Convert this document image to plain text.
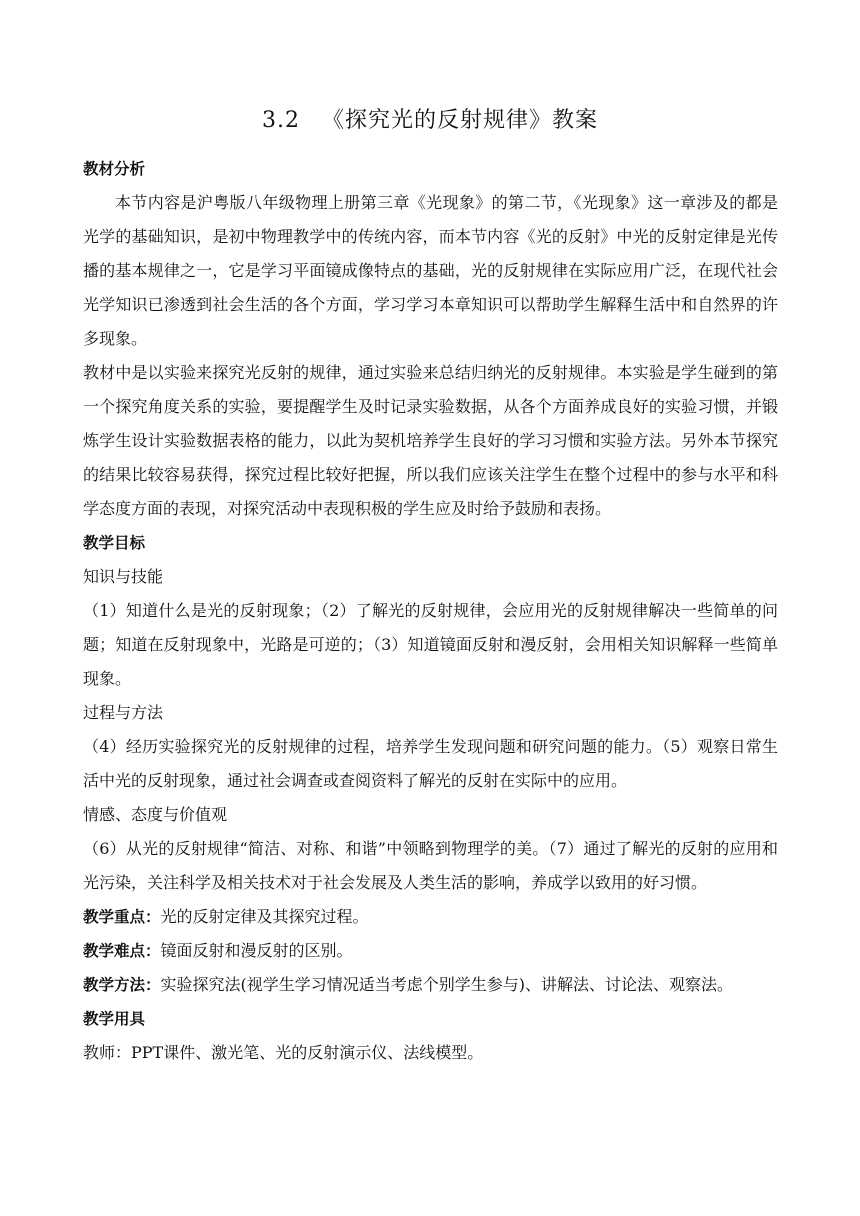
3.2 《探究光的反射规律》教案

教材分析

本节内容是沪粤版八年级物理上册第三章《光现象》的第二节，《光现象》这一章涉及的都是光学的基础知识，是初中物理教学中的传统内容，而本节内容《光的反射》中光的反射定律是光传播的基本规律之一，它是学习平面镜成像特点的基础，光的反射规律在实际应用广泛，在现代社会光学知识已渗透到社会生活的各个方面，学习学习本章知识可以帮助学生解释生活中和自然界的许多现象。

教材中是以实验来探究光反射的规律，通过实验来总结归纳光的反射规律。本实验是学生碰到的第一个探究角度关系的实验，要提醒学生及时记录实验数据，从各个方面养成良好的实验习惯，并锻炼学生设计实验数据表格的能力，以此为契机培养学生良好的学习习惯和实验方法。另外本节探究的结果比较容易获得，探究过程比较好把握，所以我们应该关注学生在整个过程中的参与水平和科学态度方面的表现，对探究活动中表现积极的学生应及时给予鼓励和表扬。

教学目标

知识与技能

（1）知道什么是光的反射现象；（2）了解光的反射规律，会应用光的反射规律解决一些简单的问题；知道在反射现象中，光路是可逆的；（3）知道镜面反射和漫反射，会用相关知识解释一些简单现象。

过程与方法

（4）经历实验探究光的反射规律的过程，培养学生发现问题和研究问题的能力。（5）观察日常生活中光的反射现象，通过社会调查或查阅资料了解光的反射在实际中的应用。

情感、态度与价值观

（6）从光的反射规律“简洁、对称、和谐”中领略到物理学的美。（7）通过了解光的反射的应用和光污染，关注科学及相关技术对于社会发展及人类生活的影响，养成学以致用的好习惯。

教学重点：光的反射定律及其探究过程。

教学难点：镜面反射和漫反射的区别。

教学方法：实验探究法(视学生学习情况适当考虑个别学生参与)、讲解法、讨论法、观察法。

教学用具

教师：PPT课件、激光笔、光的反射演示仪、法线模型。
